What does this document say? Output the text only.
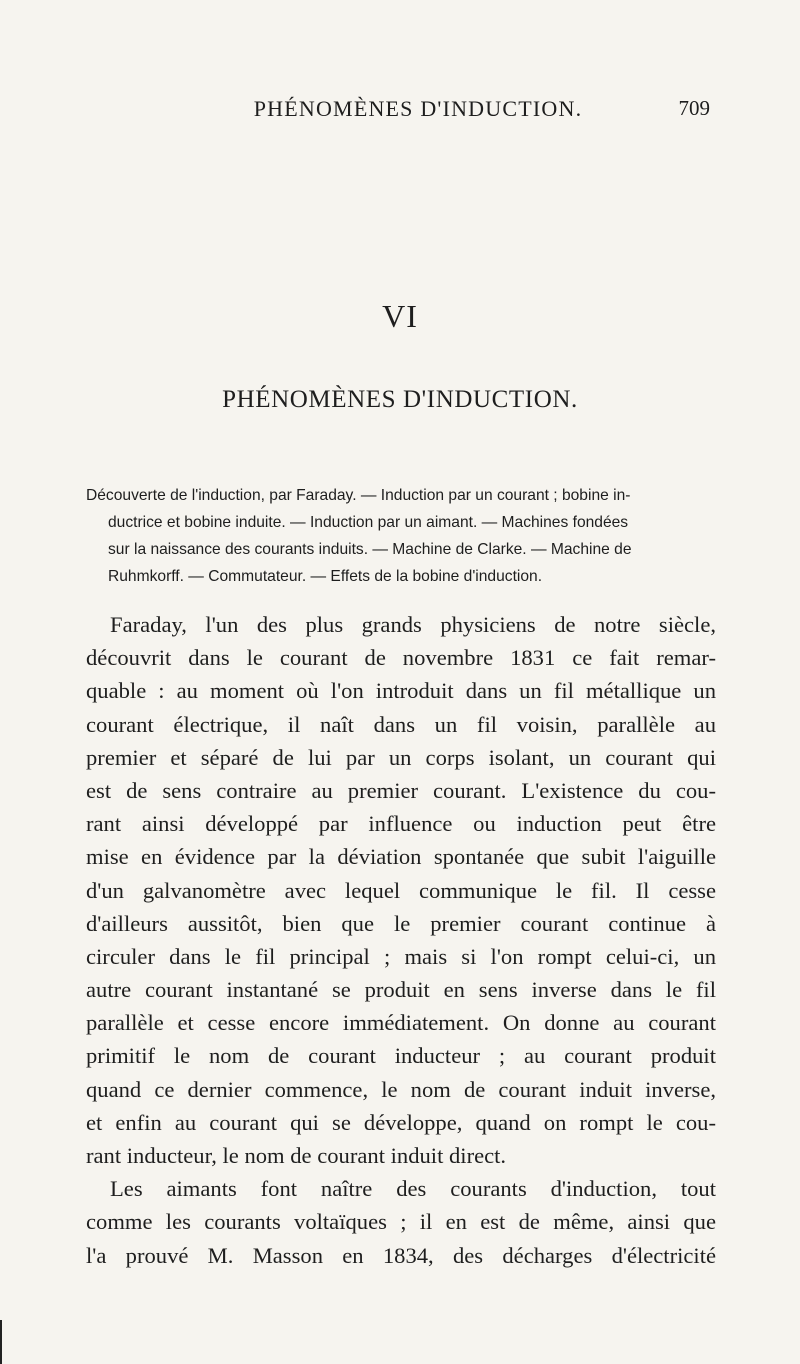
PHÉNOMÈNES D'INDUCTION.	709
VI
PHÉNOMÈNES D'INDUCTION.
Découverte de l'induction, par Faraday. — Induction par un courant ; bobine in-
ductrice et bobine induite. — Induction par un aimant. — Machines fondées
sur la naissance des courants induits. — Machine de Clarke. — Machine de
Ruhmkorff. — Commutateur. — Effets de la bobine d'induction.
Faraday, l'un des plus grands physiciens de notre siècle,
découvrit dans le courant de novembre 1831 ce fait remar-
quable : au moment où l'on introduit dans un fil métallique un
courant électrique, il naît dans un fil voisin, parallèle au
premier et séparé de lui par un corps isolant, un courant qui
est de sens contraire au premier courant. L'existence du cou-
rant ainsi développé par influence ou induction peut être
mise en évidence par la déviation spontanée que subit l'aiguille
d'un galvanomètre avec lequel communique le fil. Il cesse
d'ailleurs aussitôt, bien que le premier courant continue à
circuler dans le fil principal ; mais si l'on rompt celui-ci, un
autre courant instantané se produit en sens inverse dans le fil
parallèle et cesse encore immédiatement. On donne au courant
primitif le nom de courant inducteur ; au courant produit
quand ce dernier commence, le nom de courant induit inverse,
et enfin au courant qui se développe, quand on rompt le cou-
rant inducteur, le nom de courant induit direct.
Les aimants font naître des courants d'induction, tout
comme les courants voltaïques ; il en est de même, ainsi que
l'a prouvé M. Masson en 1834, des décharges d'électricité
